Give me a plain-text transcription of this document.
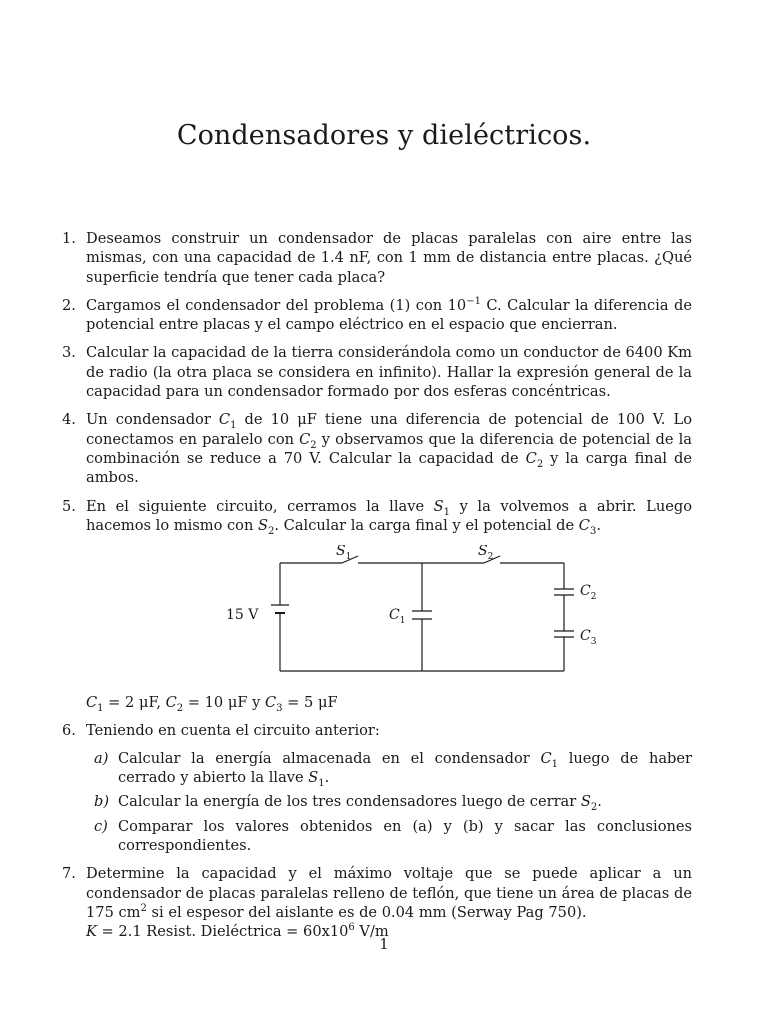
Condensadores y dieléctricos.
1. Deseamos construir un condensador de placas paralelas con aire entre las mismas, con una capacidad de 1.4 nF, con 1 mm de distancia entre placas. ¿Qué superficie tendría que tener cada placa?
2. Cargamos el condensador del problema (1) con $10^{-1}$ C. Calcular la diferencia de potencial entre placas y el campo eléctrico en el espacio que encierran.
3. Calcular la capacidad de la tierra considerándola como un conductor de 6400 Km de radio (la otra placa se considera en infinito). Hallar la expresión general de la capacidad para un condensador formado por dos esferas concéntricas.
4. Un condensador $C_1$ de 10 μF tiene una diferencia de potencial de 100 V. Lo conectamos en paralelo con $C_2$ y observamos que la diferencia de potencial de la combinación se reduce a 70 V. Calcular la capacidad de $C_2$ y la carga final de ambos.
5. En el siguiente circuito, cerramos la llave $S_1$ y la volvemos a abrir. Luego hacemos lo mismo con $S_2$. Calcular la carga final y el potencial de $C_3$.
15 V
$S_1$	$S_2$
$C_1$
$C_2$
$C_3$
$C_1 = 2$ μF, $C_2 = 10$ μF y $C_3 = 5$ μF
6. Teniendo en cuenta el circuito anterior:
a) Calcular la energía almacenada en el condensador $C_1$ luego de haber cerrado y abierto la llave $S_1$.
b) Calcular la energía de los tres condensadores luego de cerrar $S_2$.
c) Comparar los valores obtenidos en (a) y (b) y sacar las conclusiones correspondientes.
7. Determine la capacidad y el máximo voltaje que se puede aplicar a un condensador de placas paralelas relleno de teflón, que tiene un área de placas de 175 $cm^2$ si el espesor del aislante es de 0.04 mm (Serway Pag 750).
K = 2.1 Resist. Dieléctrica = $60x10^6$ V/m
1
